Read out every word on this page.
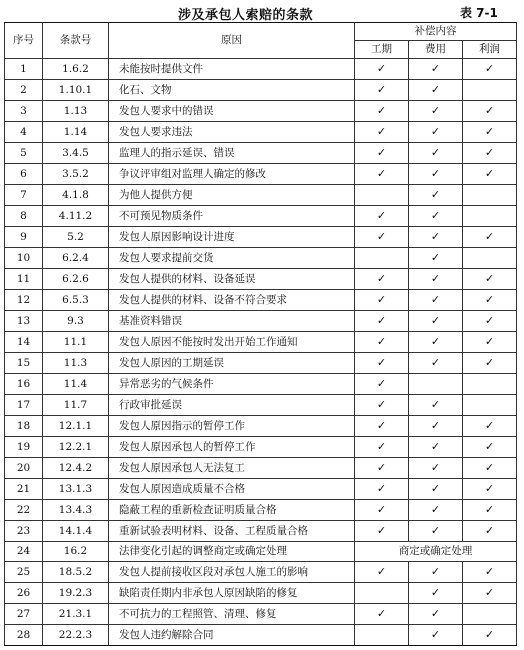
涉及承包人索赔的条款	表 7-1
序号	条款号	原因	补偿内容		
			工期	费用	利润
1	1.6.2	未能按时提供文件	✓	✓	✓
2	1.10.1	化石、文物	✓	✓	
3	1.13	发包人要求中的错误	✓	✓	✓
4	1.14	发包人要求违法	✓	✓	✓
5	3.4.5	监理人的指示延误、错误	✓	✓	✓
6	3.5.2	争议评审组对监理人确定的修改	✓	✓	✓
7	4.1.8	为他人提供方便		✓	
8	4.11.2	不可预见物质条件	✓	✓	
9	5.2	发包人原因影响设计进度	✓	✓	✓
10	6.2.4	发包人要求提前交货		✓	
11	6.2.6	发包人提供的材料、设备延误	✓	✓	✓
12	6.5.3	发包人提供的材料、设备不符合要求	✓	✓	✓
13	9.3	基准资料错误	✓	✓	✓
14	11.1	发包人原因不能按时发出开始工作通知	✓	✓	✓
15	11.3	发包人原因的工期延误	✓	✓	✓
16	11.4	异常恶劣的气候条件	✓		
17	11.7	行政审批延误	✓	✓	
18	12.1.1	发包人原因指示的暂停工作	✓	✓	✓
19	12.2.1	发包人原因承包人的暂停工作	✓	✓	✓
20	12.4.2	发包人原因承包人无法复工	✓	✓	✓
21	13.1.3	发包人原因造成质量不合格	✓	✓	✓
22	13.4.3	隐蔽工程的重新检查证明质量合格	✓	✓	✓
23	14.1.4	重新试验表明材料、设备、工程质量合格	✓	✓	✓
24	16.2	法律变化引起的调整商定或确定处理	商定或确定处理		
25	18.5.2	发包人提前接收区段对承包人施工的影响	✓	✓	✓
26	19.2.3	缺陷责任期内非承包人原因缺陷的修复		✓	✓
27	21.3.1	不可抗力的工程照管、清理、修复	✓	✓	
28	22.2.3	发包人违约解除合同		✓	✓
